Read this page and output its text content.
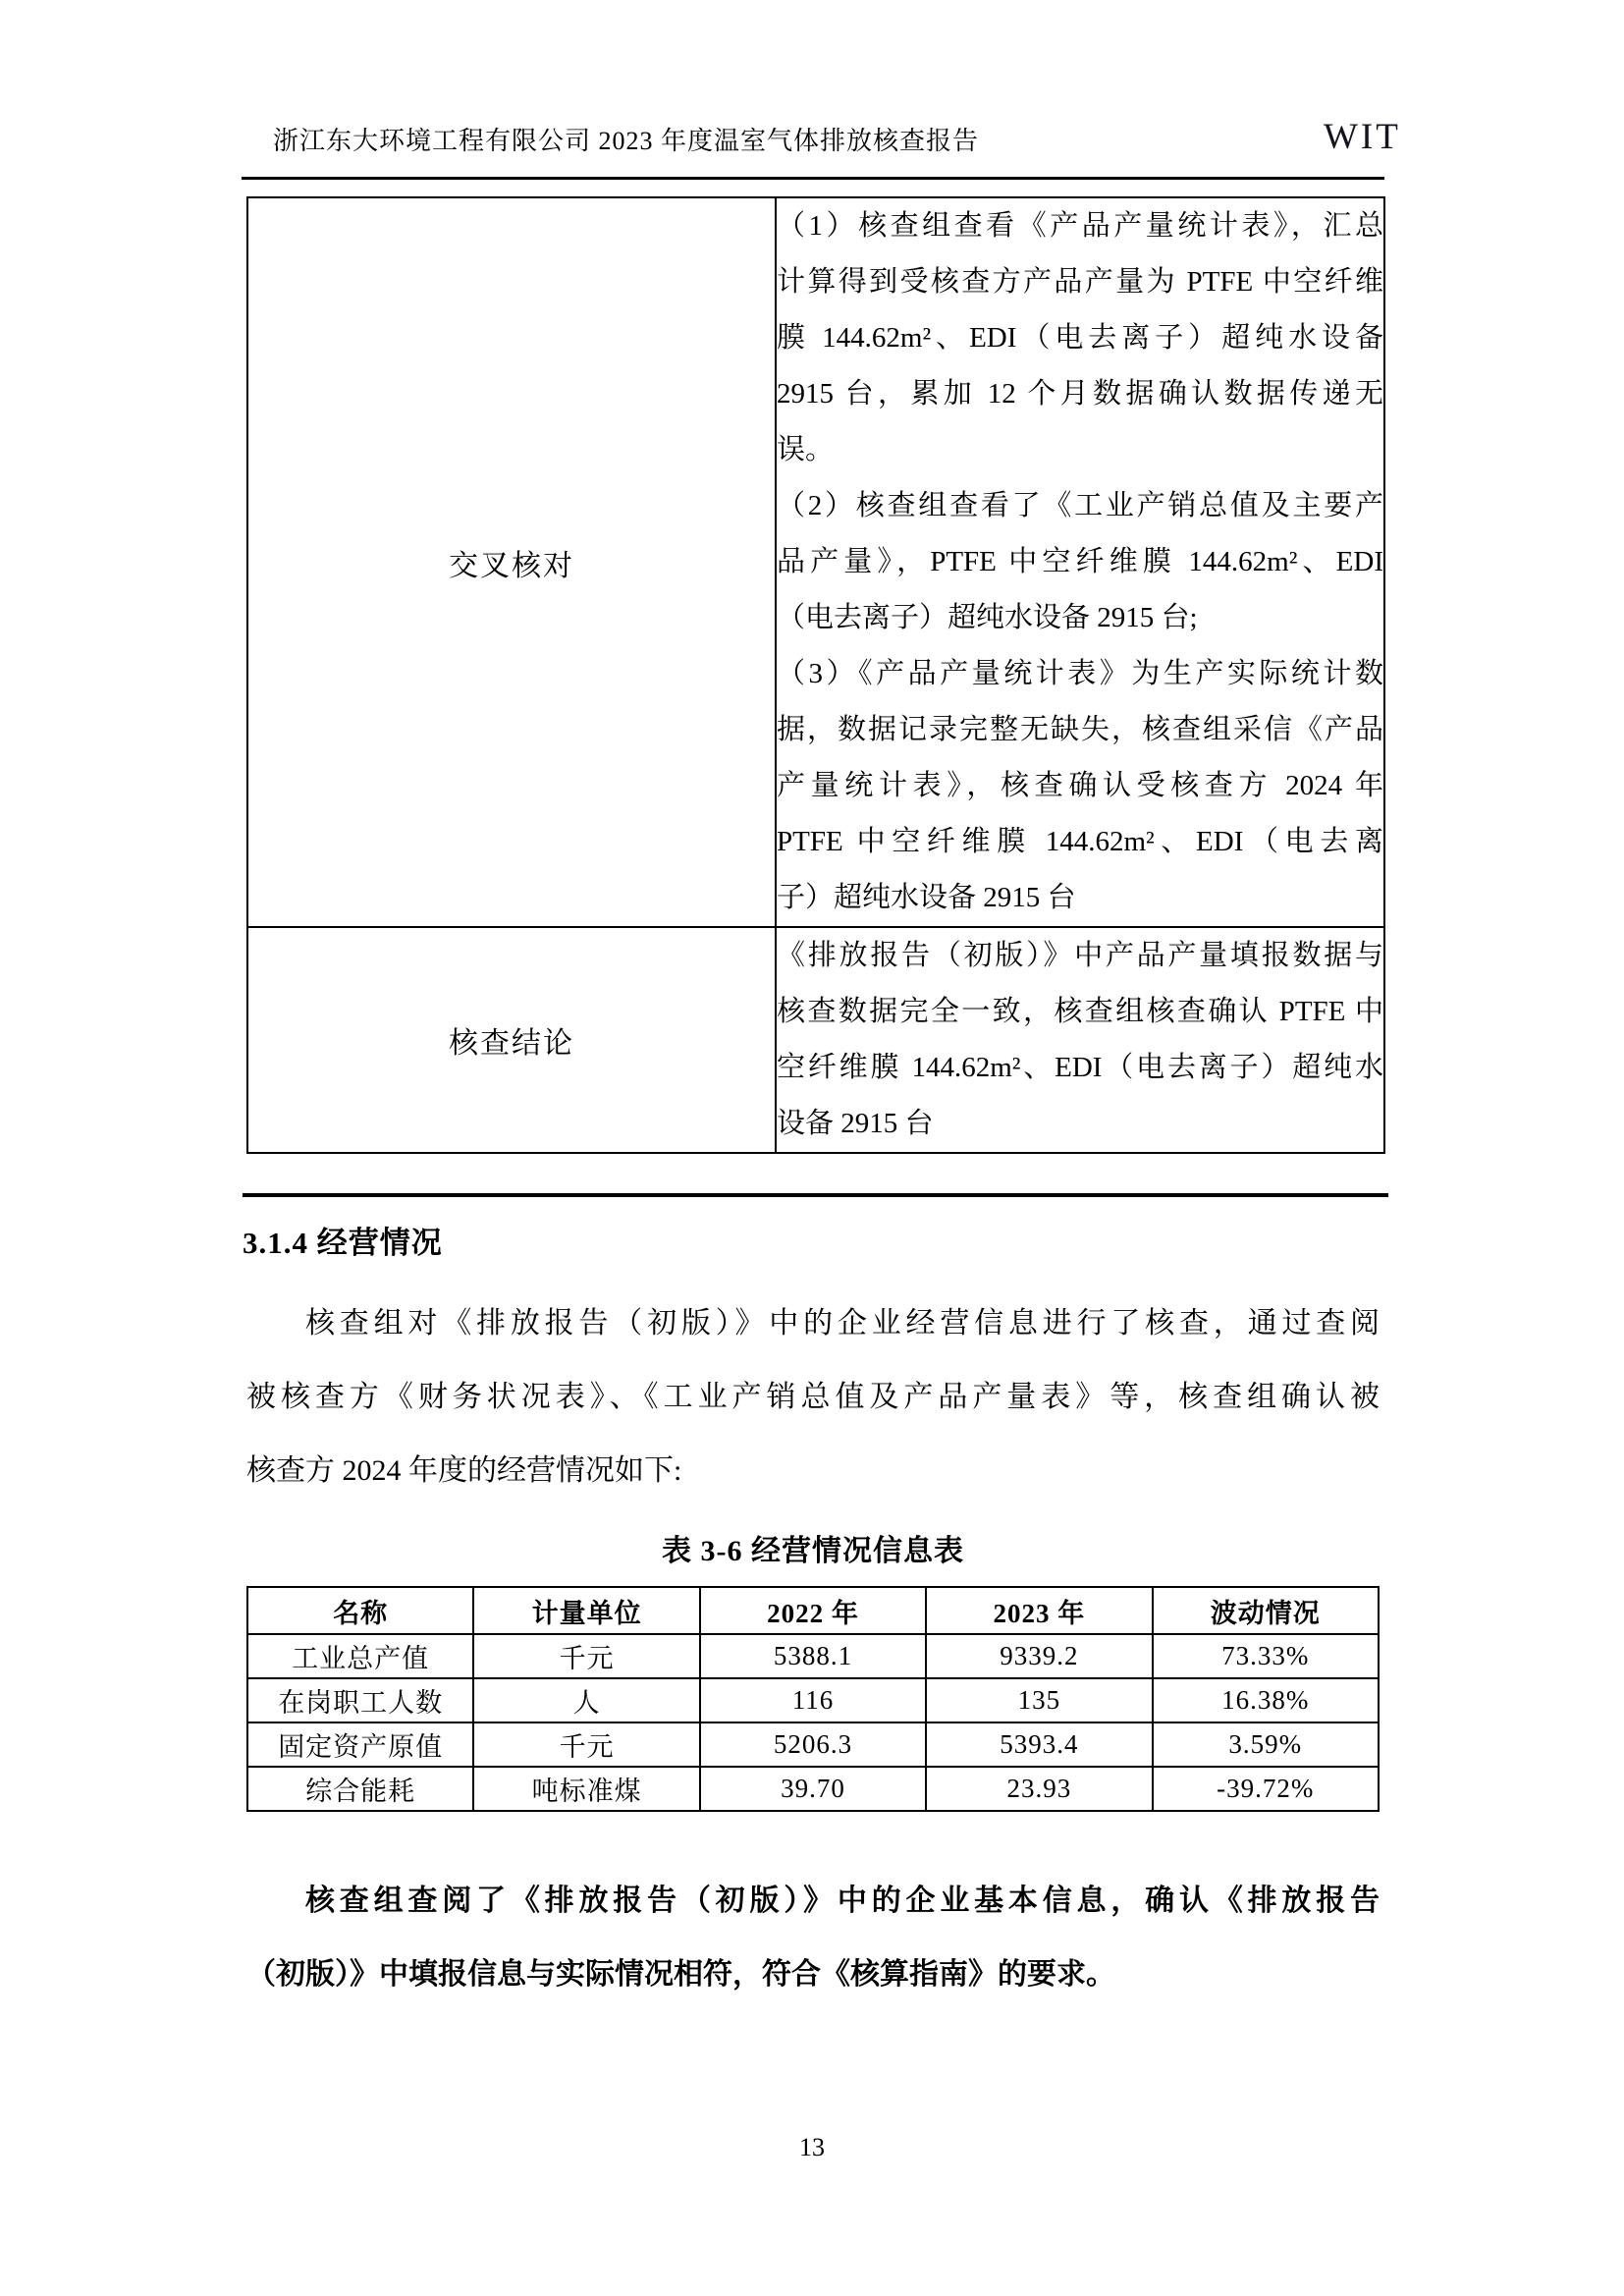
浙江东大环境工程有限公司 2023 年度温室气体排放核查报告	WIT
交叉核对	
（1）核查组查看《产品产量统计表》，汇总
计算得到受核查方产品产量为 PTFE 中空纤维
膜 144.62m²、EDI（电去离子）超纯水设备
2915 台，累加 12 个月数据确认数据传递无
误。
（2）核查组查看了《工业产销总值及主要产
品产量》，PTFE 中空纤维膜 144.62m²、EDI
（电去离子）超纯水设备 2915 台;
（3）《产品产量统计表》为生产实际统计数
据，数据记录完整无缺失，核查组采信《产品
产量统计表》，核查确认受核查方 2024 年
PTFE 中空纤维膜 144.62m²、EDI（电去离
子）超纯水设备 2915 台

核查结论	《排放报告（初版）》中产品产量填报数据与
核查数据完全一致，核查组核查确认 PTFE 中
空纤维膜 144.62m²、EDI（电去离子）超纯水
设备 2915 台
3.1.4 经营情况
核查组对《排放报告（初版）》中的企业经营信息进行了核查，通过查阅
被核查方《财务状况表》、《工业产销总值及产品产量表》等，核查组确认被
核查方 2024 年度的经营情况如下:
表 3-6 经营情况信息表
名称	计量单位	2022 年	2023 年	波动情况
工业总产值	千元	5388.1	9339.2	73.33%
在岗职工人数	人	116	135	16.38%
固定资产原值	千元	5206.3	5393.4	3.59%
综合能耗	吨标准煤	39.70	23.93	-39.72%
核查组查阅了《排放报告（初版）》中的企业基本信息，确认《排放报告
（初版）》中填报信息与实际情况相符，符合《核算指南》的要求。
13
